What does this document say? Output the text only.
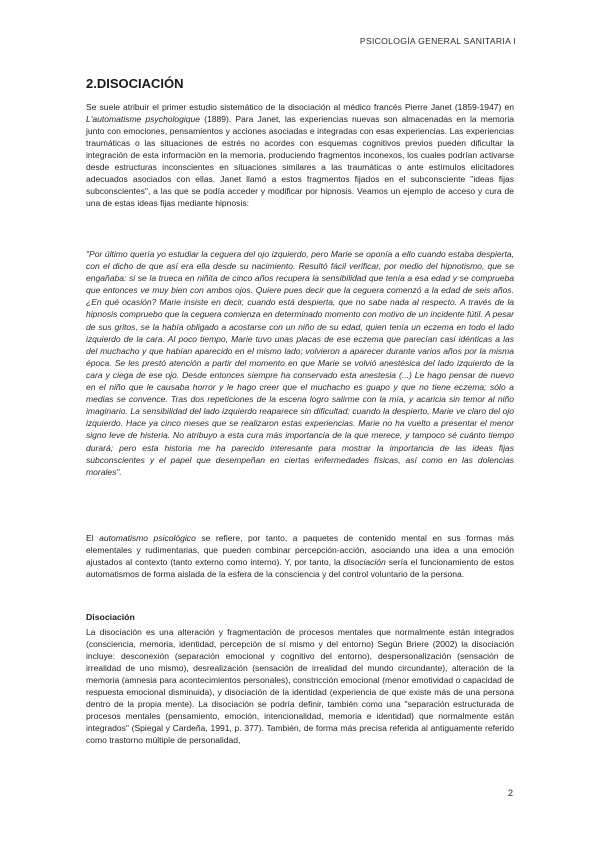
PSICOLOGÍA GENERAL SANITARIA I
2.DISOCIACIÓN

Se suele atribuir el primer estudio sistemático de la disociación al médico francés Pierre Janet (1859-1947) en L'automatisme psychologique (1889). Para Janet, las experiencias nuevas son almacenadas en la memoria junto con emociones, pensamientos y acciones asociadas e integradas con esas experiencias. Las experiencias traumáticas o las situaciones de estrés no acordes con esquemas cognitivos previos pueden dificultar la integración de esta información en la memoria, produciendo fragmentos inconexos, los cuales podrían activarse desde estructuras inconscientes en situaciones similares a las traumáticas o ante estímulos elicitadores adecuados asociados con ellas. Janet llamó a estos fragmentos fijados en el subconsciente "ideas fijas subconscientes", a las que se podía acceder y modificar por hipnosis. Veamos un ejemplo de acceso y cura de una de estas ideas fijas mediante hipnosis:

"Por último quería yo estudiar la ceguera del ojo izquierdo, pero Marie se oponía a ello cuando estaba despierta, con el dicho de que así era ella desde su nacimiento. Resultó fácil verificar, por medio del hipnotismo, que se engañaba: si se la trueca en niñita de cinco años recupera la sensibilidad que tenía a esa edad y se comprueba que entonces ve muy bien con ambos ojos. Quiere pues decir que la ceguera comenzó a la edad de seis años. ¿En qué ocasión? Marie insiste en decir, cuando está despierta, que no sabe nada al respecto. A través de la hipnosis compruebo que la ceguera comienza en determinado momento con motivo de un incidente fútil. A pesar de sus gritos, se la había obligado a acostarse con un niño de su edad, quien tenía un eczema en todo el lado izquierdo de la cara. Al poco tiempo, Marie tuvo unas placas de ese eczema que parecían casi idénticas a las del muchacho y que habían aparecido en el mismo lado; volvieron a aparecer durante varios años por la misma época. Se les prestó atención a partir del momento en que Marie se volvió anestésica del lado izquierdo de la cara y ciega de ese ojo. Desde entonces siempre ha conservado esta anestesia (...) Le hago pensar de nuevo en el niño que le causaba horror y le hago creer que el muchacho es guapo y que no tiene eczema; sólo a medias se convence. Tras dos repeticiones de la escena logro salirme con la mía, y acaricia sin temor al niño imaginario. La sensibilidad del lado izquierdo reaparece sin dificultad; cuando la despierto, Marie ve claro del ojo izquierdo. Hace ya cinco meses que se realizaron estas experiencias. Marie no ha vuelto a presentar el menor signo leve de histeria. No atribuyo a esta cura más importancia de la que merece, y tampoco sé cuánto tiempo durará; pero esta historia me ha parecido interesante para mostrar la importancia de las ideas fijas subconscientes y el papel que desempeñan en ciertas enfermedades físicas, así como en las dolencias morales".

El automatismo psicológico se refiere, por tanto, a paquetes de contenido mental en sus formas más elementales y rudimentarias, que pueden combinar percepción-acción, asociando una idea a una emoción ajustados al contexto (tanto externo como interno). Y, por tanto, la disociación sería el funcionamiento de estos automatismos de forma aislada de la esfera de la consciencia y del control voluntario de la persona.

Disociación

La disociación es una alteración y fragmentación de procesos mentales que normalmente están integrados (consciencia, memoria, identidad, percepción de sí mismo y del entorno) Según Briere (2002) la disociación incluye: desconexión (separación emocional y cognitivo del entorno), despersonalización (sensación de irrealidad de uno mismo), desrealización (sensación de irrealidad del mundo circundante), alteración de la memoria (amnesia para acontecimientos personales), constricción emocional (menor emotividad o capacidad de respuesta emocional disminuida), y disociación de la identidad (experiencia de que existe más de una persona dentro de la propia mente). La disociación se podría definir, también como una "separación estructurada de procesos mentales (pensamiento, emoción, intencionalidad, memoria e identidad) que normalmente están integrados" (Spiegal y Cardeña, 1991, p. 377). También, de forma más precisa referida al antiguamente referido como trastorno múltiple de personalidad,

2
